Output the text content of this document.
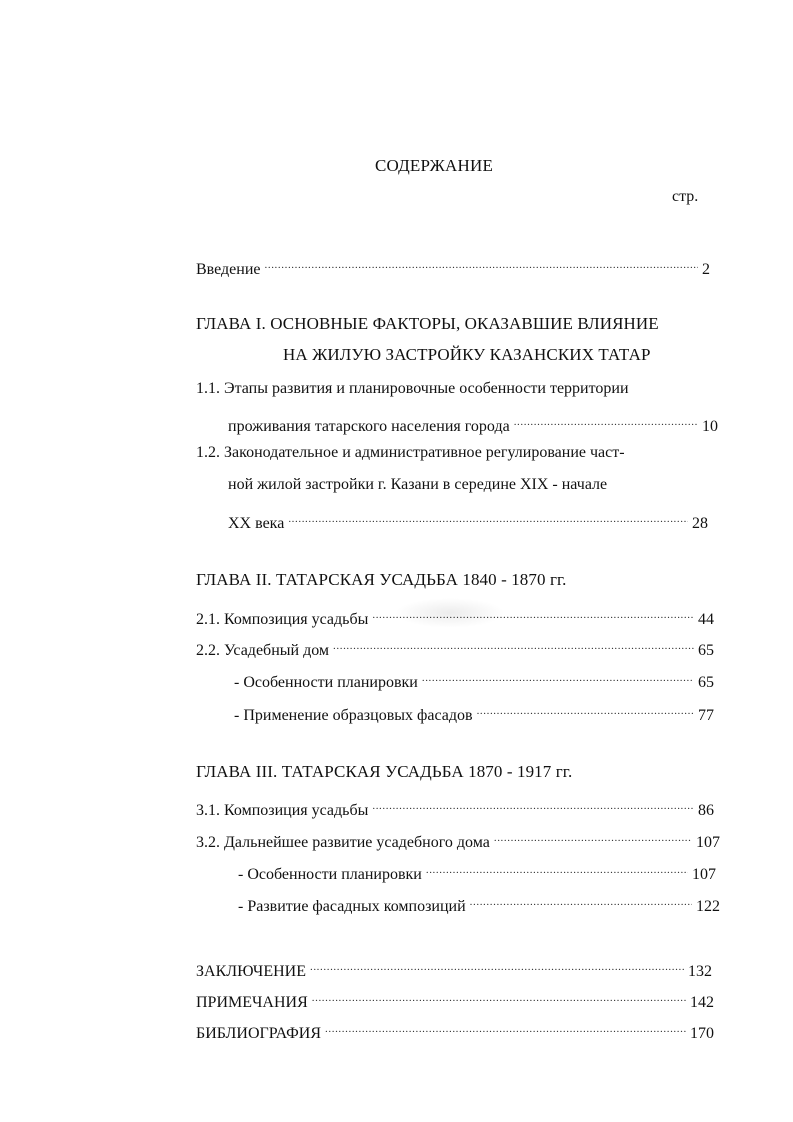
СОДЕРЖАНИЕ
стр.
Введение .....	2
ГЛАВА I. ОСНОВНЫЕ ФАКТОРЫ, ОКАЗАВШИЕ ВЛИЯНИЕ
НА ЖИЛУЮ ЗАСТРОЙКУ КАЗАНСКИХ ТАТАР
1.1. Этапы развития и планировочные особенности территории
проживания татарского населения города .....	10
1.2. Законодательное и административное регулирование част-
ной жилой застройки г. Казани в середине XIX - начале
XX века .....	28
ГЛАВА II. ТАТАРСКАЯ УСАДЬБА 1840 - 1870 гг.
2.1. Композиция усадьбы .....	44
2.2. Усадебный дом .....	65
- Особенности планировки .....	65
- Применение образцовых фасадов .....	77
ГЛАВА III. ТАТАРСКАЯ УСАДЬБА 1870 - 1917 гг.
3.1. Композиция усадьбы .....	86
3.2. Дальнейшее развитие усадебного дома .....	107
- Особенности планировки .....	107
- Развитие фасадных композиций .....	122
ЗАКЛЮЧЕНИЕ .....	132
ПРИМЕЧАНИЯ .....	142
БИБЛИОГРАФИЯ .....	170
